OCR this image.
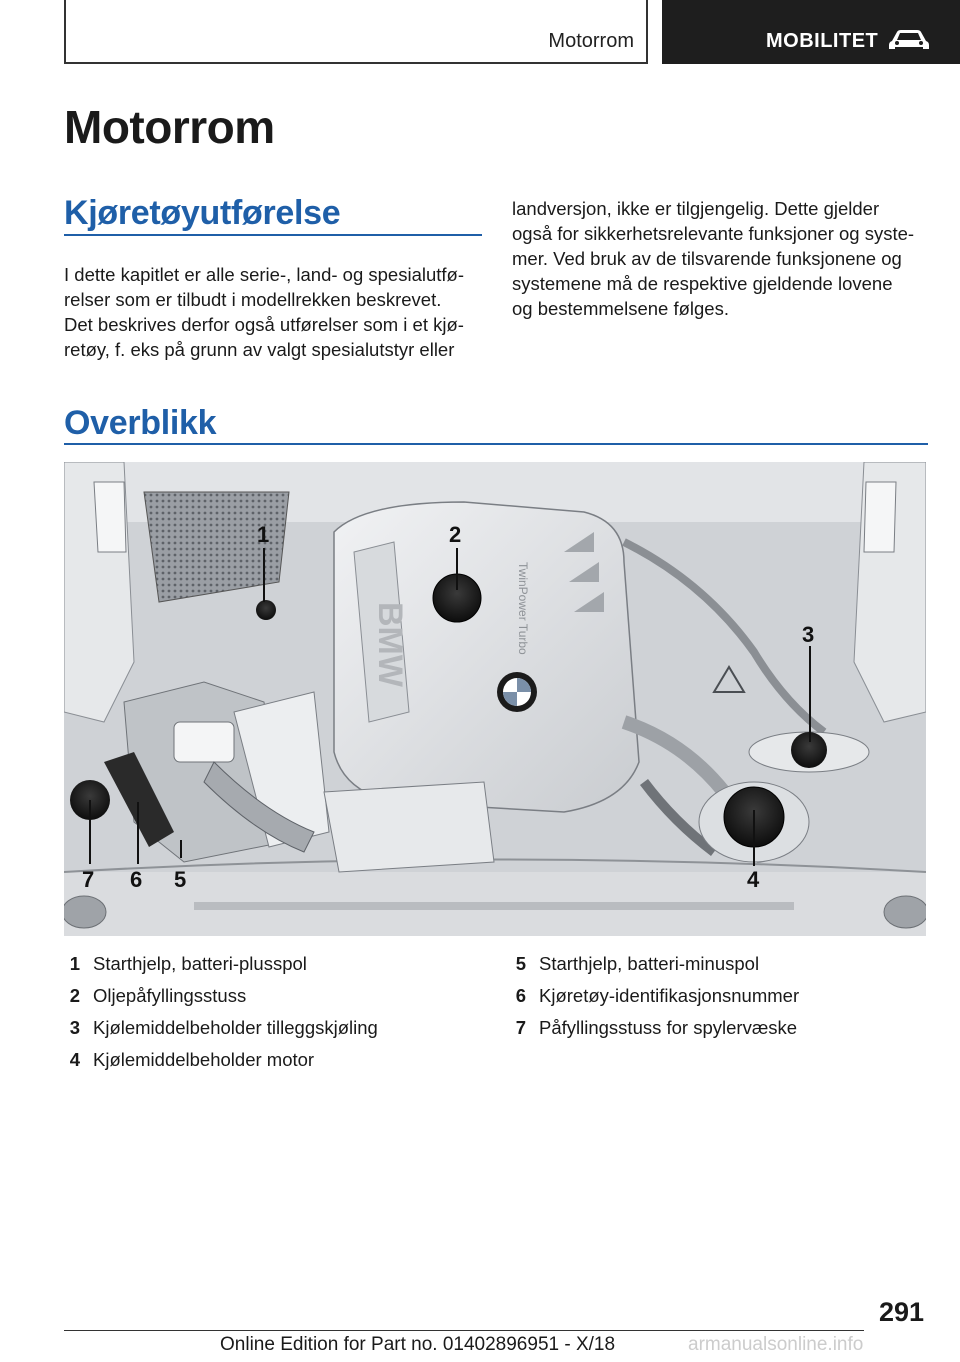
Motorrom	MOBILITET
Motorrom
Kjøretøyutførelse
I dette kapitlet er alle serie-, land- og spesialutfø-
relser som er tilbudt i modellrekken beskrevet.
Det beskrives derfor også utførelser som i et kjø-
retøy, f. eks på grunn av valgt spesialutstyr eller
landversjon, ikke er tilgjengelig. Dette gjelder
også for sikkerhetsrelevante funksjoner og syste-
mer. Ved bruk av de tilsvarende funksjonene og
systemene må de respektive gjeldende lovene
og bestemmelsene følges.
Overblikk
BMW	TwinPower Turbo
1	2
3
4
5
6
7
1 Starthjelp, batteri-plusspol
2 Oljepåfyllingsstuss
3 Kjølemiddelbeholder tilleggskjøling
4 Kjølemiddelbeholder motor
5 Starthjelp, batteri-minuspol
6 Kjøretøy-identifikasjonsnummer
7 Påfyllingsstuss for spylervæske
291
Online Edition for Part no. 01402896951 - X/18	armanualsonline.info
